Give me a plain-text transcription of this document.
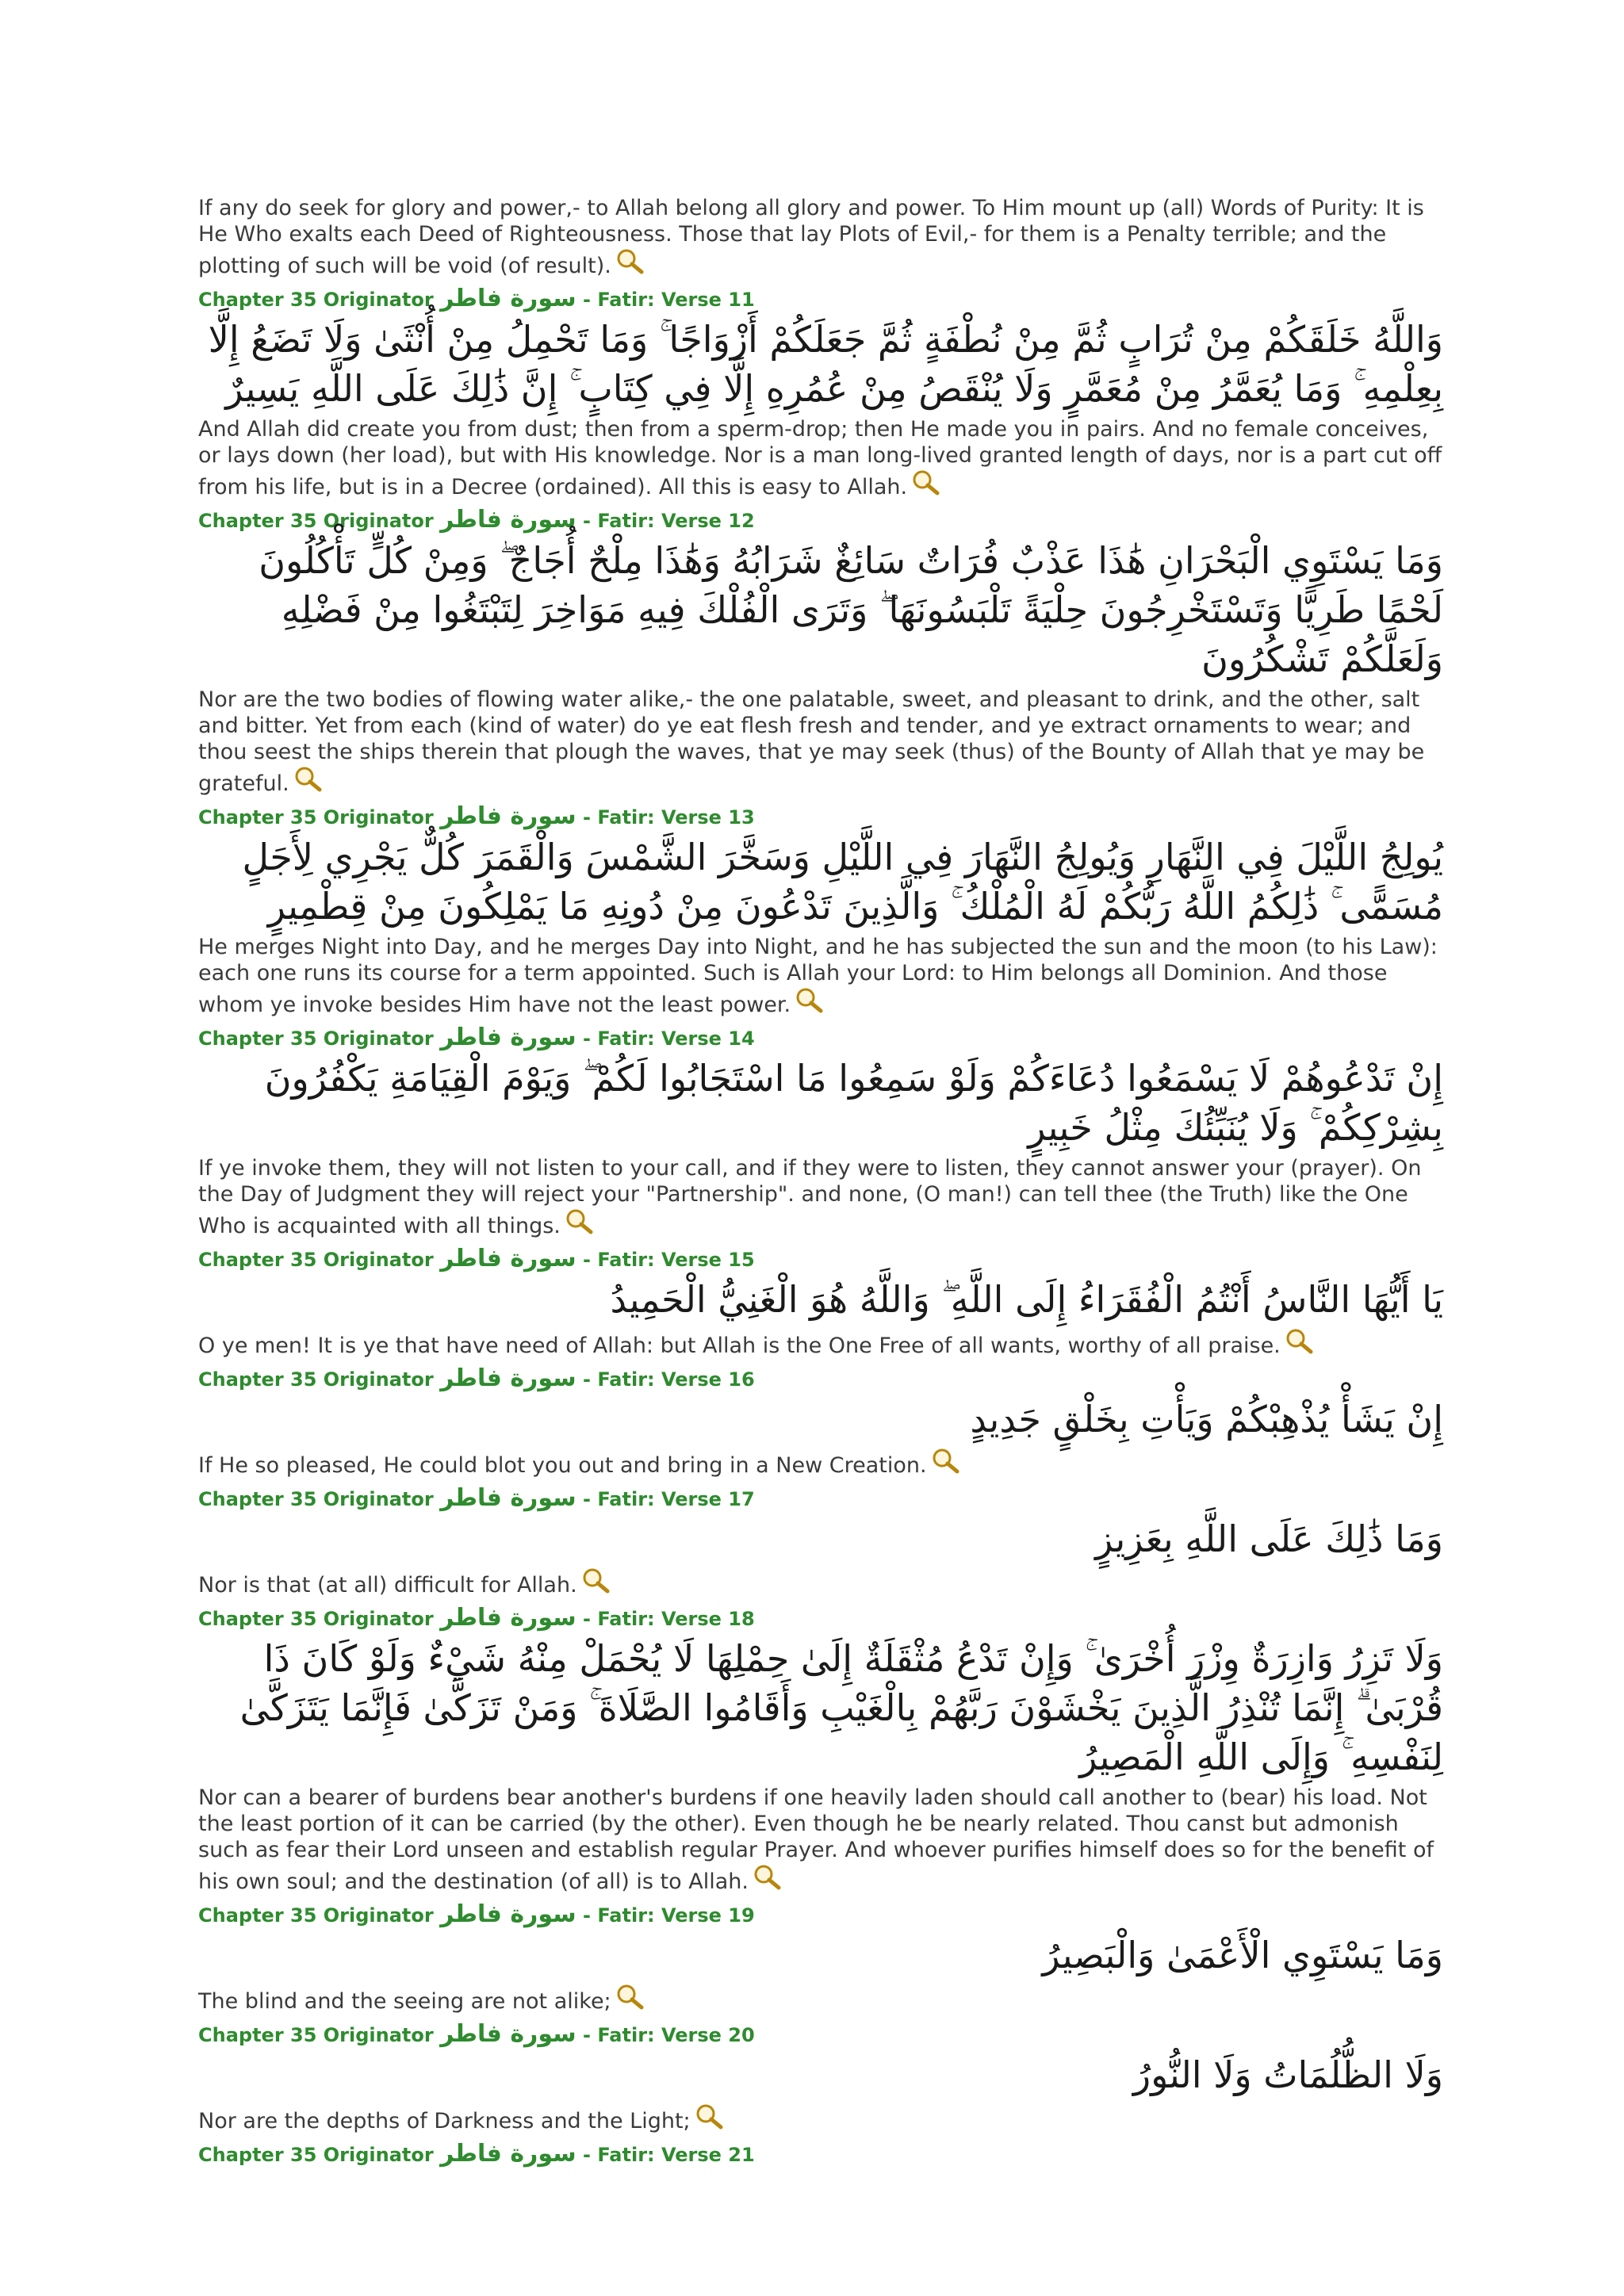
If any do seek for glory and power,- to Allah belong all glory and power. To Him mount up (all) Words of Purity: It is He Who exalts each Deed of Righteousness. Those that lay Plots of Evil,- for them is a Penalty terrible; and the plotting of such will be void (of result).

Chapter 35 Originator سورة فاطر - Fatir: Verse 11
وَاللَّهُ خَلَقَكُمْ مِنْ تُرَابٍ ثُمَّ مِنْ نُطْفَةٍ ثُمَّ جَعَلَكُمْ أَزْوَاجًا ۚ وَمَا تَحْمِلُ مِنْ أُنْثَىٰ وَلَا تَضَعُ إِلَّا بِعِلْمِهِ ۚ وَمَا يُعَمَّرُ مِنْ مُعَمَّرٍ وَلَا يُنْقَصُ مِنْ عُمُرِهِ إِلَّا فِي كِتَابٍ ۚ إِنَّ ذَٰلِكَ عَلَى اللَّهِ يَسِيرٌ

And Allah did create you from dust; then from a sperm-drop; then He made you in pairs. And no female conceives, or lays down (her load), but with His knowledge. Nor is a man long-lived granted length of days, nor is a part cut off from his life, but is in a Decree (ordained). All this is easy to Allah.

Chapter 35 Originator سورة فاطر - Fatir: Verse 12
وَمَا يَسْتَوِي الْبَحْرَانِ هَٰذَا عَذْبٌ فُرَاتٌ سَائِغٌ شَرَابُهُ وَهَٰذَا مِلْحٌ أُجَاجٌ ۖ وَمِنْ كُلٍّ تَأْكُلُونَ لَحْمًا طَرِيًّا وَتَسْتَخْرِجُونَ حِلْيَةً تَلْبَسُونَهَا ۖ وَتَرَى الْفُلْكَ فِيهِ مَوَاخِرَ لِتَبْتَغُوا مِنْ فَضْلِهِ وَلَعَلَّكُمْ تَشْكُرُونَ

Nor are the two bodies of flowing water alike,- the one palatable, sweet, and pleasant to drink, and the other, salt and bitter. Yet from each (kind of water) do ye eat flesh fresh and tender, and ye extract ornaments to wear; and thou seest the ships therein that plough the waves, that ye may seek (thus) of the Bounty of Allah that ye may be grateful.

Chapter 35 Originator سورة فاطر - Fatir: Verse 13
يُولِجُ اللَّيْلَ فِي النَّهَارِ وَيُولِجُ النَّهَارَ فِي اللَّيْلِ وَسَخَّرَ الشَّمْسَ وَالْقَمَرَ كُلٌّ يَجْرِي لِأَجَلٍ مُسَمًّى ۚ ذَٰلِكُمُ اللَّهُ رَبُّكُمْ لَهُ الْمُلْكُ ۚ وَالَّذِينَ تَدْعُونَ مِنْ دُونِهِ مَا يَمْلِكُونَ مِنْ قِطْمِيرٍ

He merges Night into Day, and he merges Day into Night, and he has subjected the sun and the moon (to his Law): each one runs its course for a term appointed. Such is Allah your Lord: to Him belongs all Dominion. And those whom ye invoke besides Him have not the least power.

Chapter 35 Originator سورة فاطر - Fatir: Verse 14
إِنْ تَدْعُوهُمْ لَا يَسْمَعُوا دُعَاءَكُمْ وَلَوْ سَمِعُوا مَا اسْتَجَابُوا لَكُمْ ۖ وَيَوْمَ الْقِيَامَةِ يَكْفُرُونَ بِشِرْكِكُمْ ۚ وَلَا يُنَبِّئُكَ مِثْلُ خَبِيرٍ

If ye invoke them, they will not listen to your call, and if they were to listen, they cannot answer your (prayer). On the Day of Judgment they will reject your "Partnership". and none, (O man!) can tell thee (the Truth) like the One Who is acquainted with all things.

Chapter 35 Originator سورة فاطر - Fatir: Verse 15
يَا أَيُّهَا النَّاسُ أَنْتُمُ الْفُقَرَاءُ إِلَى اللَّهِ ۖ وَاللَّهُ هُوَ الْغَنِيُّ الْحَمِيدُ

O ye men! It is ye that have need of Allah: but Allah is the One Free of all wants, worthy of all praise.

Chapter 35 Originator سورة فاطر - Fatir: Verse 16
إِنْ يَشَأْ يُذْهِبْكُمْ وَيَأْتِ بِخَلْقٍ جَدِيدٍ

If He so pleased, He could blot you out and bring in a New Creation.

Chapter 35 Originator سورة فاطر - Fatir: Verse 17
وَمَا ذَٰلِكَ عَلَى اللَّهِ بِعَزِيزٍ

Nor is that (at all) difficult for Allah.

Chapter 35 Originator سورة فاطر - Fatir: Verse 18
وَلَا تَزِرُ وَازِرَةٌ وِزْرَ أُخْرَىٰ ۚ وَإِنْ تَدْعُ مُثْقَلَةٌ إِلَىٰ حِمْلِهَا لَا يُحْمَلْ مِنْهُ شَيْءٌ وَلَوْ كَانَ ذَا قُرْبَىٰ ۗ إِنَّمَا تُنْذِرُ الَّذِينَ يَخْشَوْنَ رَبَّهُمْ بِالْغَيْبِ وَأَقَامُوا الصَّلَاةَ ۚ وَمَنْ تَزَكَّىٰ فَإِنَّمَا يَتَزَكَّىٰ لِنَفْسِهِ ۚ وَإِلَى اللَّهِ الْمَصِيرُ

Nor can a bearer of burdens bear another's burdens if one heavily laden should call another to (bear) his load. Not the least portion of it can be carried (by the other). Even though he be nearly related. Thou canst but admonish such as fear their Lord unseen and establish regular Prayer. And whoever purifies himself does so for the benefit of his own soul; and the destination (of all) is to Allah.

Chapter 35 Originator سورة فاطر - Fatir: Verse 19
وَمَا يَسْتَوِي الْأَعْمَىٰ وَالْبَصِيرُ

The blind and the seeing are not alike;

Chapter 35 Originator سورة فاطر - Fatir: Verse 20
وَلَا الظُّلُمَاتُ وَلَا النُّورُ

Nor are the depths of Darkness and the Light;

Chapter 35 Originator سورة فاطر - Fatir: Verse 21
